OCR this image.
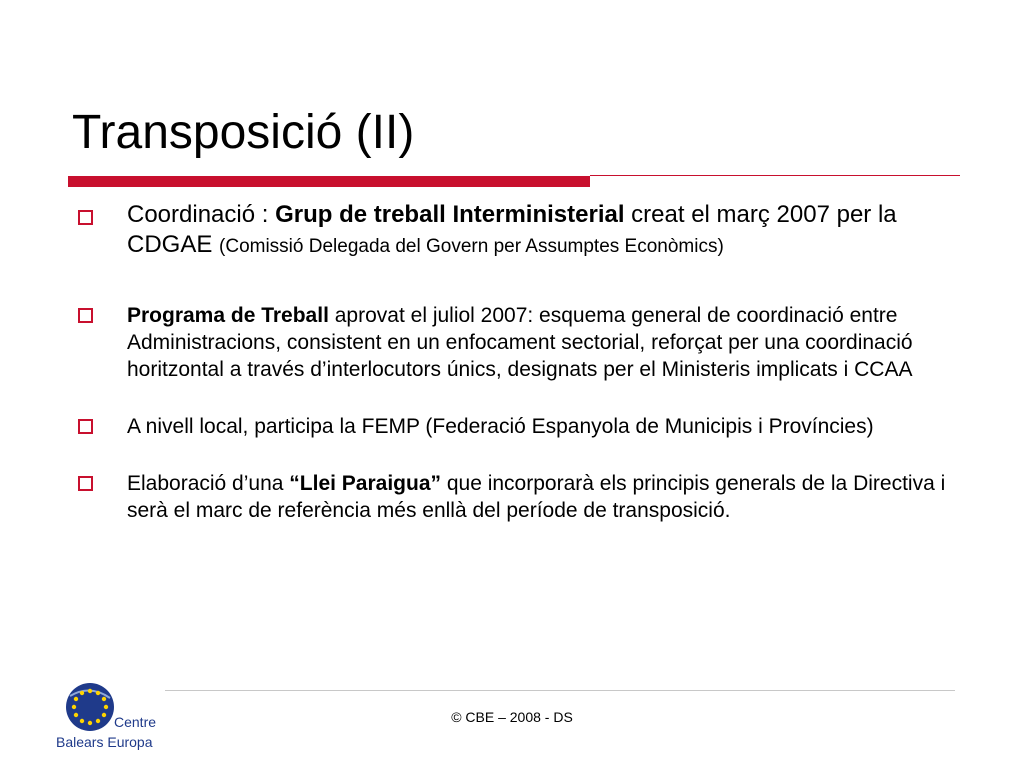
Transposició (II)
Coordinació : Grup de treball Interministerial creat el març 2007 per la CDGAE (Comissió Delegada del Govern per Assumptes Econòmics)
Programa de Treball aprovat el juliol 2007: esquema general de coordinació entre Administracions, consistent en un enfocament sectorial, reforçat per una coordinació horitzontal a través d’interlocutors únics, designats per el Ministeris implicats i CCAA
A nivell local, participa la FEMP (Federació Espanyola de Municipis i Províncies)
Elaboració d’una “Llei Paraigua” que incorporarà els principis generals de la Directiva i serà el marc de referència més enllà del període de transposició.
© CBE – 2008 - DS
Centre
Balears Europa
